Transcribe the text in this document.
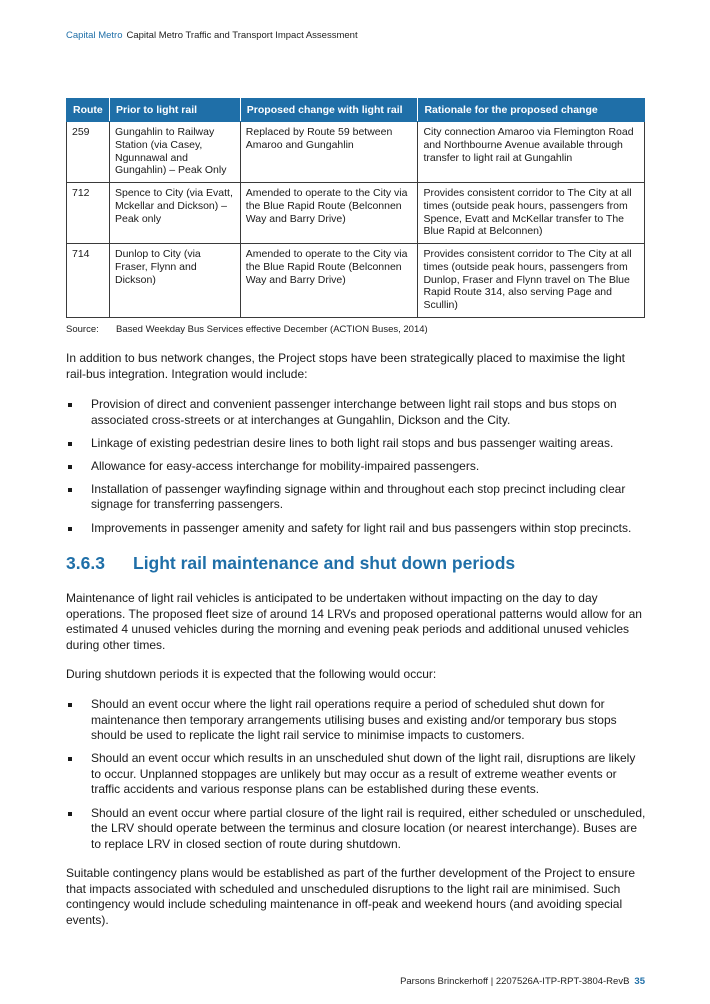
Capital Metro Capital Metro Traffic and Transport Impact Assessment
Route	Prior to light rail	Proposed change with light rail	Rationale for the proposed change
259	Gungahlin to Railway Station (via Casey, Ngunnawal and Gungahlin) – Peak Only	Replaced by Route 59 between Amaroo and Gungahlin	City connection Amaroo via Flemington Road and Northbourne Avenue available through transfer to light rail at Gungahlin
712	Spence to City (via Evatt, Mckellar and Dickson) – Peak only	Amended to operate to the City via the Blue Rapid Route (Belconnen Way and Barry Drive)	Provides consistent corridor to The City at all times (outside peak hours, passengers from Spence, Evatt and McKellar transfer to The Blue Rapid at Belconnen)
714	Dunlop to City (via Fraser, Flynn and Dickson)	Amended to operate to the City via the Blue Rapid Route (Belconnen Way and Barry Drive)	Provides consistent corridor to The City at all times (outside peak hours, passengers from Dunlop, Fraser and Flynn travel on The Blue Rapid Route 314, also serving Page and Scullin)
Source: Based Weekday Bus Services effective December (ACTION Buses, 2014)

In addition to bus network changes, the Project stops have been strategically placed to maximise the light rail-bus integration. Integration would include:

Provision of direct and convenient passenger interchange between light rail stops and bus stops on associated cross-streets or at interchanges at Gungahlin, Dickson and the City.
Linkage of existing pedestrian desire lines to both light rail stops and bus passenger waiting areas.
Allowance for easy-access interchange for mobility-impaired passengers.
Installation of passenger wayfinding signage within and throughout each stop precinct including clear signage for transferring passengers.
Improvements in passenger amenity and safety for light rail and bus passengers within stop precincts.
3.6.3 Light rail maintenance and shut down periods

Maintenance of light rail vehicles is anticipated to be undertaken without impacting on the day to day operations. The proposed fleet size of around 14 LRVs and proposed operational patterns would allow for an estimated 4 unused vehicles during the morning and evening peak periods and additional unused vehicles during other times.

During shutdown periods it is expected that the following would occur:

Should an event occur where the light rail operations require a period of scheduled shut down for maintenance then temporary arrangements utilising buses and existing and/or temporary bus stops should be used to replicate the light rail service to minimise impacts to customers.
Should an event occur which results in an unscheduled shut down of the light rail, disruptions are likely to occur. Unplanned stoppages are unlikely but may occur as a result of extreme weather events or traffic accidents and various response plans can be established during these events.
Should an event occur where partial closure of the light rail is required, either scheduled or unscheduled, the LRV should operate between the terminus and closure location (or nearest interchange). Buses are to replace LRV in closed section of route during shutdown.

Suitable contingency plans would be established as part of the further development of the Project to ensure that impacts associated with scheduled and unscheduled disruptions to the light rail are minimised. Such contingency would include scheduling maintenance in off-peak and weekend hours (and avoiding special events).

Parsons Brinckerhoff | 2207526A-ITP-RPT-3804-RevB 35
